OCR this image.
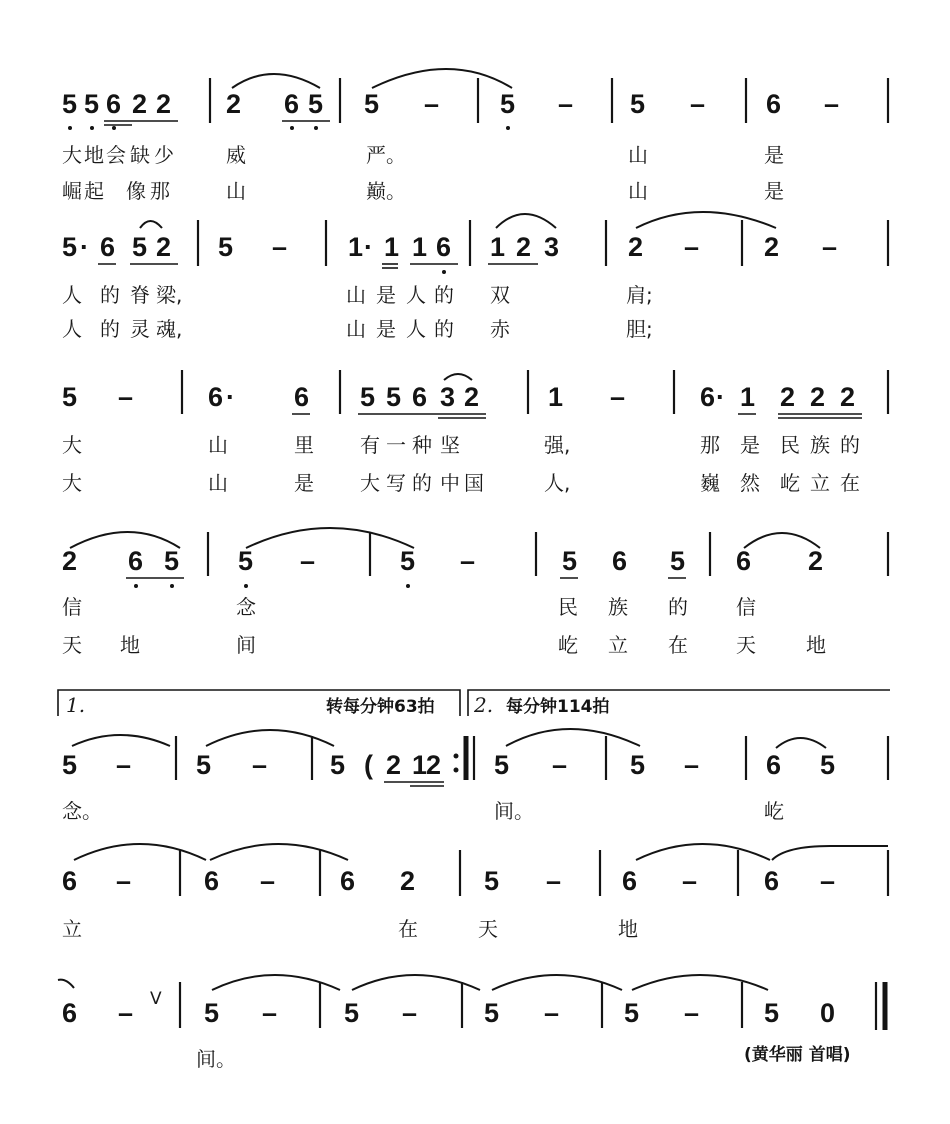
5 5 6 2 2 2 6 5 5 – 5 – 5 – 6 –
大 地 会 缺 少	威	严。	山	是
崛 起 像 那	山	巅。	山	是
5 · 6 5 2 5 – 1 · 1 1 6 1 2 3	2 – 2 –
人 的 脊 梁,	山 是 人 的 双	肩;
人 的 灵 魂,	山 是 人 的 赤	胆;
5 –	6 · 6 5 5 6 3 2	1 –	6 · 1 2 2 2
大	山	里 有 一 种 坚	强,	那 是 民 族 的
大	山	是 大 写 的 中 国	人,	巍 然 屹 立 在
2 6 5 5 –	5 –	5 6 5 6 2
信	念	民 族 的 信
天 地	间	屹 立 在 天	地
1.	转每分钟63拍 2. 每分钟114拍
5 – 5 – 5 ( 2 1
2 5 – 5 – 6 5
念。	间。	屹
6 –	6 – 6 2	5 – 6 – 6 –
立	在	天	地
6 – V 5 – 5 – 5 – 5 – 5 0
间。	(黄华丽 首唱)
